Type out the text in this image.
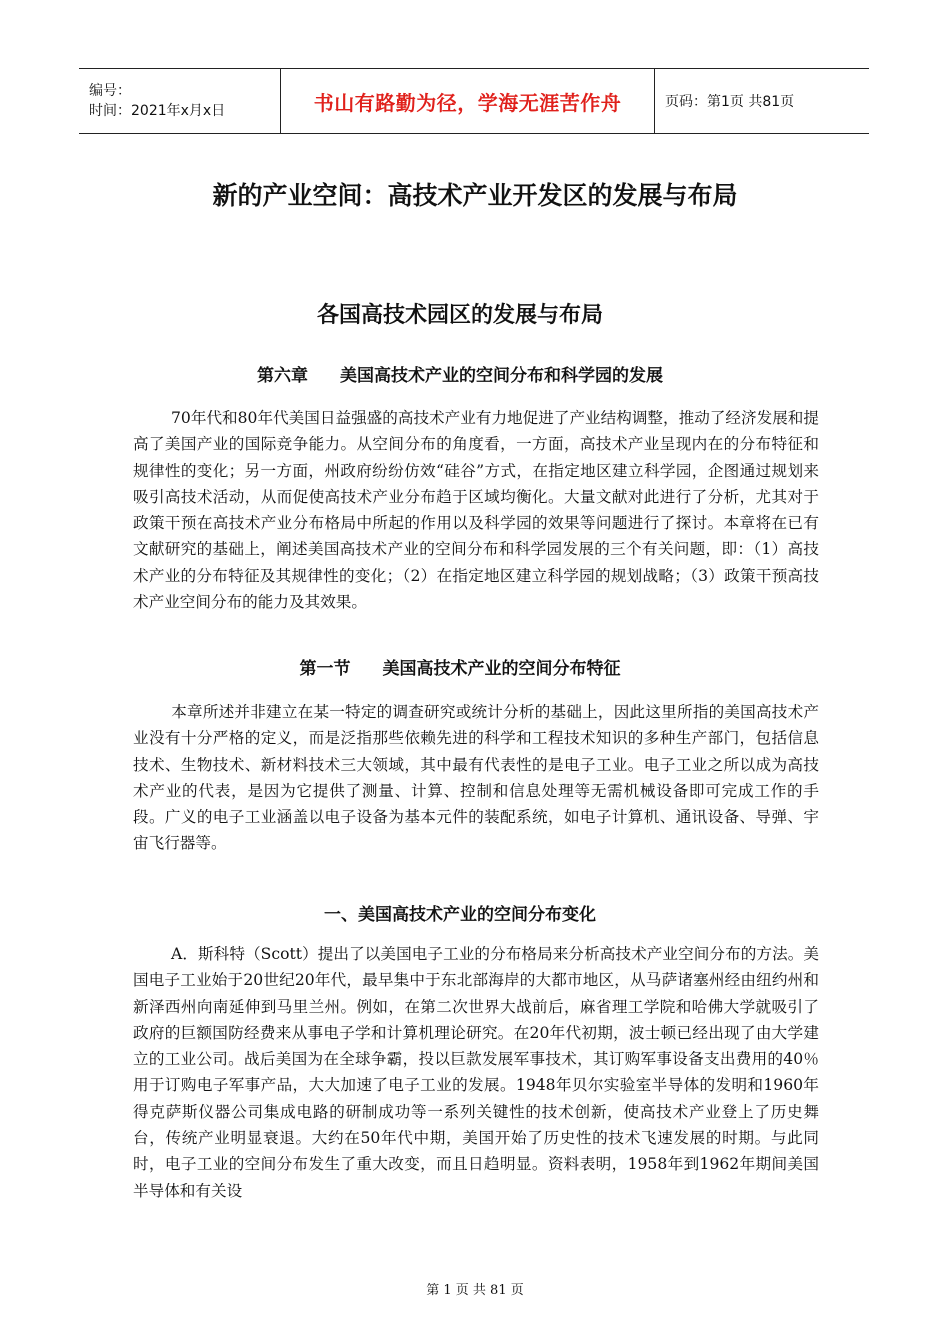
编号：
时间：2021年x月x日	书山有路勤为径，学海无涯苦作舟	页码：第1页 共81页
新的产业空间：高技术产业开发区的发展与布局
各国高技术园区的发展与布局
第六章 美国高技术产业的空间分布和科学园的发展

70年代和80年代美国日益强盛的高技术产业有力地促进了产业结构调整，推动了经济发展和提高了美国产业的国际竞争能力。从空间分布的角度看，一方面，高技术产业呈现内在的分布特征和规律性的变化；另一方面，州政府纷纷仿效“硅谷”方式，在指定地区建立科学园，企图通过规划来吸引高技术活动，从而促使高技术产业分布趋于区域均衡化。大量文献对此进行了分析，尤其对于政策干预在高技术产业分布格局中所起的作用以及科学园的效果等问题进行了探讨。本章将在已有文献研究的基础上，阐述美国高技术产业的空间分布和科学园发展的三个有关问题，即：（1）高技术产业的分布特征及其规律性的变化；（2）在指定地区建立科学园的规划战略；（3）政策干预高技术产业空间分布的能力及其效果。

第一节 美国高技术产业的空间分布特征

本章所述并非建立在某一特定的调查研究或统计分析的基础上，因此这里所指的美国高技术产业没有十分严格的定义，而是泛指那些依赖先进的科学和工程技术知识的多种生产部门，包括信息技术、生物技术、新材料技术三大领域，其中最有代表性的是电子工业。电子工业之所以成为高技术产业的代表，是因为它提供了测量、计算、控制和信息处理等无需机械设备即可完成工作的手段。广义的电子工业涵盖以电子设备为基本元件的装配系统，如电子计算机、通讯设备、导弹、宇宙飞行器等。

一、美国高技术产业的空间分布变化

A．斯科特（Scott）提出了以美国电子工业的分布格局来分析高技术产业空间分布的方法。美国电子工业始于20世纪20年代，最早集中于东北部海岸的大都市地区，从马萨诸塞州经由纽约州和新泽西州向南延伸到马里兰州。例如，在第二次世界大战前后，麻省理工学院和哈佛大学就吸引了政府的巨额国防经费来从事电子学和计算机理论研究。在20年代初期，波士顿已经出现了由大学建立的工业公司。战后美国为在全球争霸，投以巨款发展军事技术，其订购军事设备支出费用的40％用于订购电子军事产品，大大加速了电子工业的发展。1948年贝尔实验室半导体的发明和1960年得克萨斯仪器公司集成电路的研制成功等一系列关键性的技术创新，使高技术产业登上了历史舞台，传统产业明显衰退。大约在50年代中期，美国开始了历史性的技术飞速发展的时期。与此同时，电子工业的空间分布发生了重大改变，而且日趋明显。资料表明，1958年到1962年期间美国半导体和有关设

第 1 页 共 81 页
